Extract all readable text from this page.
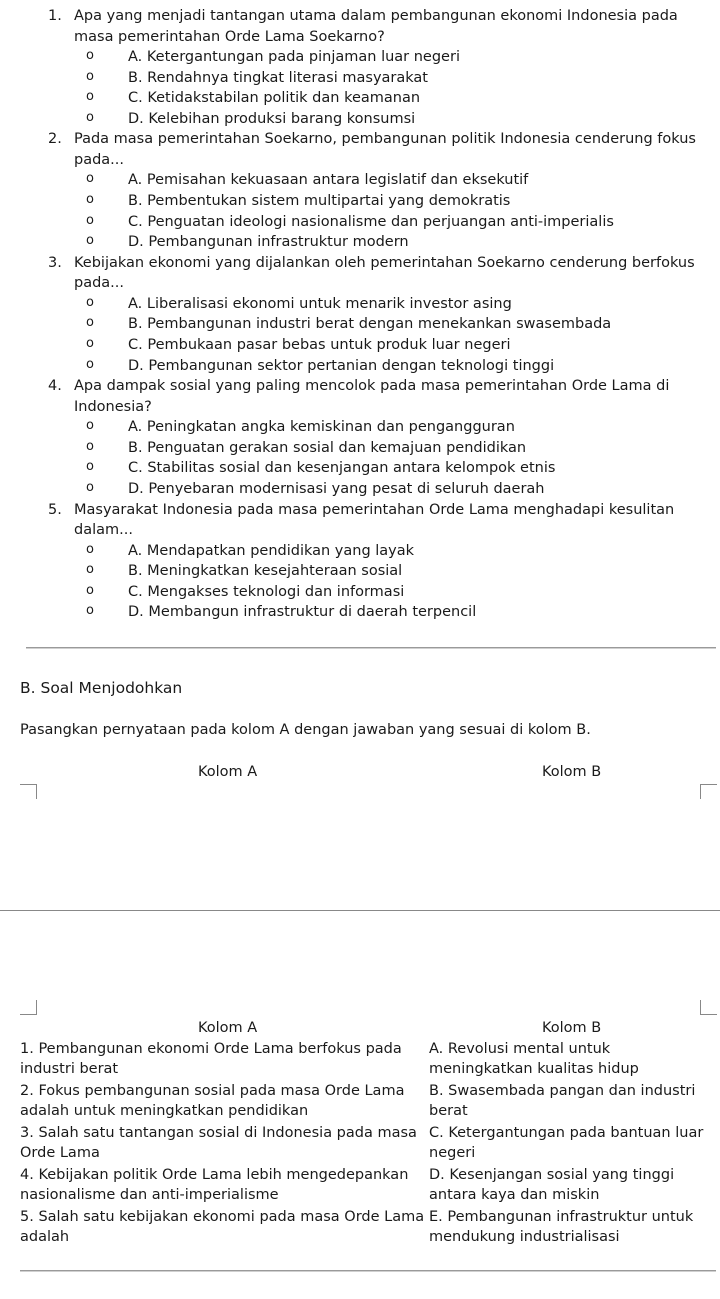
1. Apa yang menjadi tantangan utama dalam pembangunan ekonomi Indonesia pada masa pemerintahan Orde Lama Soekarno?
o A. Ketergantungan pada pinjaman luar negeri
o B. Rendahnya tingkat literasi masyarakat
o C. Ketidakstabilan politik dan keamanan
o D. Kelebihan produksi barang konsumsi
2. Pada masa pemerintahan Soekarno, pembangunan politik Indonesia cenderung fokus pada...
o A. Pemisahan kekuasaan antara legislatif dan eksekutif
o B. Pembentukan sistem multipartai yang demokratis
o C. Penguatan ideologi nasionalisme dan perjuangan anti-imperialis
o D. Pembangunan infrastruktur modern
3. Kebijakan ekonomi yang dijalankan oleh pemerintahan Soekarno cenderung berfokus pada...
o A. Liberalisasi ekonomi untuk menarik investor asing
o B. Pembangunan industri berat dengan menekankan swasembada
o C. Pembukaan pasar bebas untuk produk luar negeri
o D. Pembangunan sektor pertanian dengan teknologi tinggi
4. Apa dampak sosial yang paling mencolok pada masa pemerintahan Orde Lama di Indonesia?
o A. Peningkatan angka kemiskinan dan pengangguran
o B. Penguatan gerakan sosial dan kemajuan pendidikan
o C. Stabilitas sosial dan kesenjangan antara kelompok etnis
o D. Penyebaran modernisasi yang pesat di seluruh daerah
5. Masyarakat Indonesia pada masa pemerintahan Orde Lama menghadapi kesulitan dalam...
o A. Mendapatkan pendidikan yang layak
o B. Meningkatkan kesejahteraan sosial
o C. Mengakses teknologi dan informasi
o D. Membangun infrastruktur di daerah terpencil
B. Soal Menjodohkan
Pasangkan pernyataan pada kolom A dengan jawaban yang sesuai di kolom B.
Kolom A	Kolom B
Kolom A	Kolom B
1. Pembangunan ekonomi Orde Lama berfokus pada industri berat	A. Revolusi mental untuk meningkatkan kualitas hidup
2. Fokus pembangunan sosial pada masa Orde Lama adalah untuk meningkatkan pendidikan	B. Swasembada pangan dan industri berat
3. Salah satu tantangan sosial di Indonesia pada masa Orde Lama	C. Ketergantungan pada bantuan luar negeri
4. Kebijakan politik Orde Lama lebih mengedepankan nasionalisme dan anti-imperialisme	D. Kesenjangan sosial yang tinggi antara kaya dan miskin
5. Salah satu kebijakan ekonomi pada masa Orde Lama adalah	E. Pembangunan infrastruktur untuk mendukung industrialisasi
